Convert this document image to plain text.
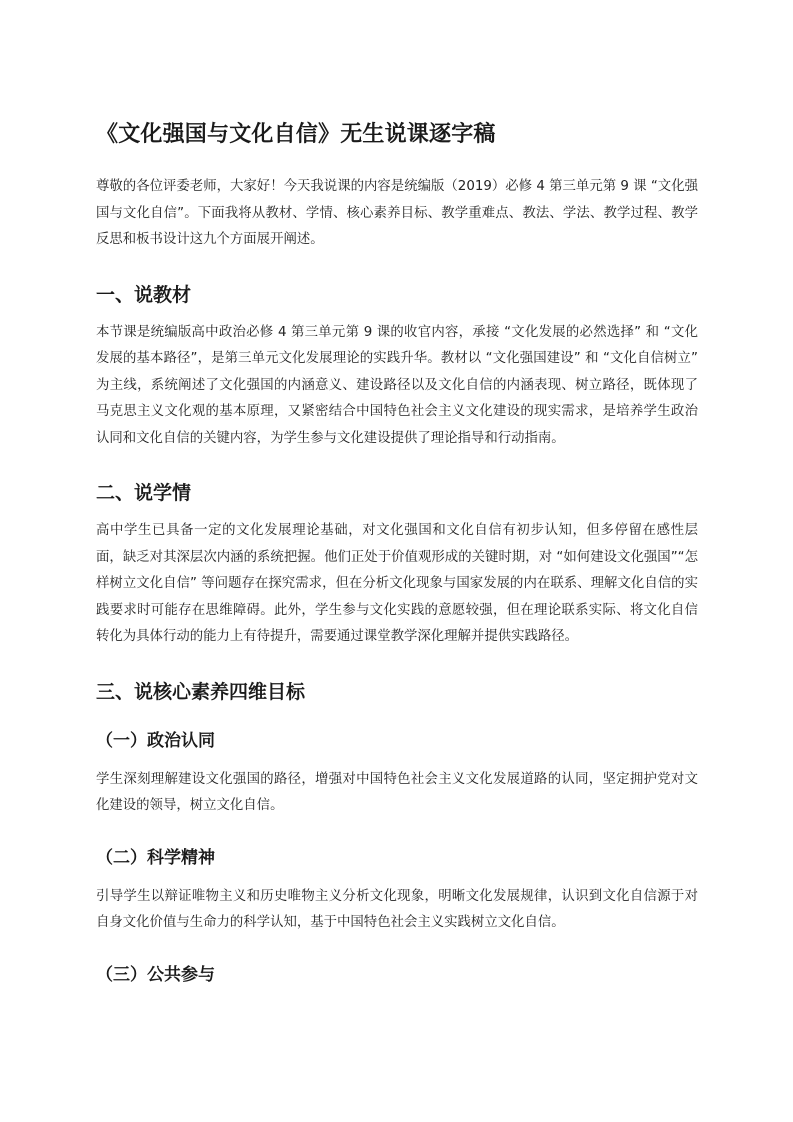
《文化强国与文化自信》无生说课逐字稿

尊敬的各位评委老师，大家好！今天我说课的内容是统编版（2019）必修 4 第三单元第 9 课 “文化强国与文化自信”。下面我将从教材、学情、核心素养目标、教学重难点、教法、学法、教学过程、教学反思和板书设计这九个方面展开阐述。

一、说教材

本节课是统编版高中政治必修 4 第三单元第 9 课的收官内容，承接 “文化发展的必然选择” 和 “文化发展的基本路径”，是第三单元文化发展理论的实践升华。教材以 “文化强国建设” 和 “文化自信树立” 为主线，系统阐述了文化强国的内涵意义、建设路径以及文化自信的内涵表现、树立路径，既体现了马克思主义文化观的基本原理，又紧密结合中国特色社会主义文化建设的现实需求，是培养学生政治认同和文化自信的关键内容，为学生参与文化建设提供了理论指导和行动指南。

二、说学情

高中学生已具备一定的文化发展理论基础，对文化强国和文化自信有初步认知，但多停留在感性层面，缺乏对其深层次内涵的系统把握。他们正处于价值观形成的关键时期，对 “如何建设文化强国”“怎样树立文化自信” 等问题存在探究需求，但在分析文化现象与国家发展的内在联系、理解文化自信的实践要求时可能存在思维障碍。此外，学生参与文化实践的意愿较强，但在理论联系实际、将文化自信转化为具体行动的能力上有待提升，需要通过课堂教学深化理解并提供实践路径。

三、说核心素养四维目标
（一）政治认同

学生深刻理解建设文化强国的路径，增强对中国特色社会主义文化发展道路的认同，坚定拥护党对文化建设的领导，树立文化自信。

（二）科学精神

引导学生以辩证唯物主义和历史唯物主义分析文化现象，明晰文化发展规律，认识到文化自信源于对自身文化价值与生命力的科学认知，基于中国特色社会主义实践树立文化自信。

（三）公共参与
